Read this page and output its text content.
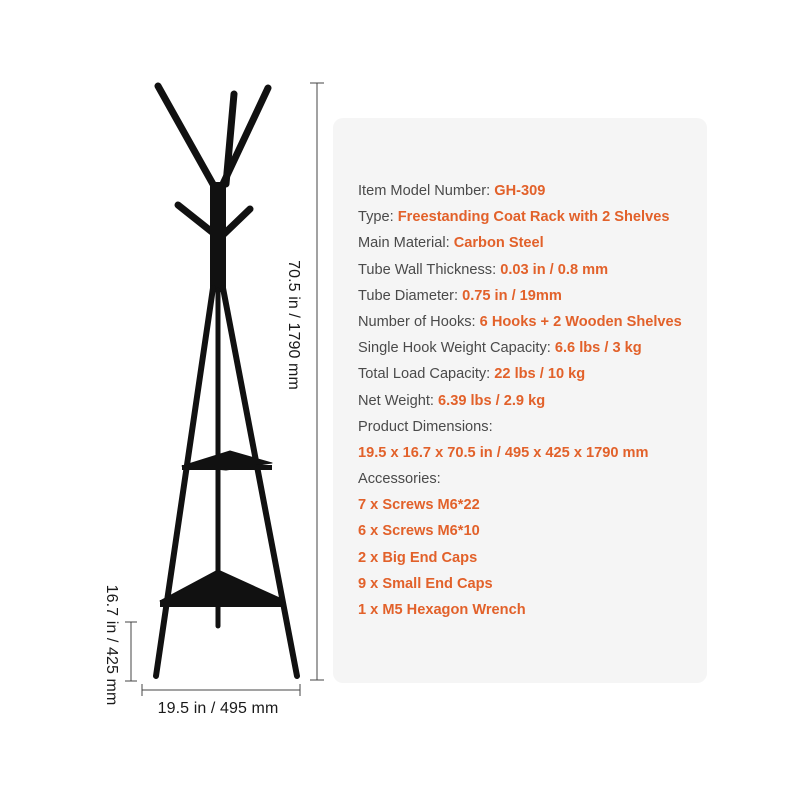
70.5 in / 1790 mm
16.7 in / 425 mm
19.5 in / 495 mm
Item Model Number: GH-309
Type: Freestanding Coat Rack with 2 Shelves
Main Material: Carbon Steel
Tube Wall Thickness: 0.03 in / 0.8 mm
Tube Diameter: 0.75 in / 19mm
Number of Hooks: 6 Hooks + 2 Wooden Shelves
Single Hook Weight Capacity: 6.6 lbs / 3 kg
Total Load Capacity: 22 lbs / 10 kg
Net Weight: 6.39 lbs / 2.9 kg
Product Dimensions:
19.5 x 16.7 x 70.5 in / 495 x 425 x 1790 mm
Accessories:
7 x Screws M6*22
6 x Screws M6*10
2 x Big End Caps
9 x Small End Caps
1 x M5 Hexagon Wrench
